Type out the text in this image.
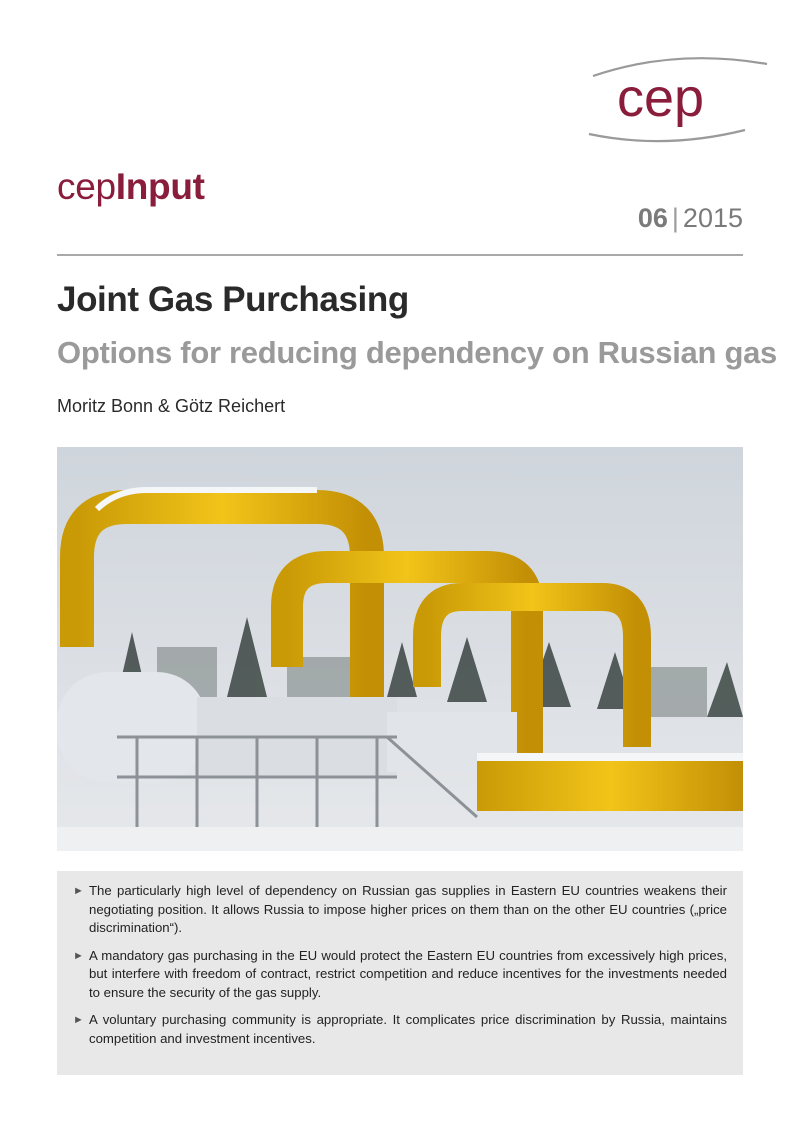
cep
cepInput
06 | 2015
Joint Gas Purchasing
Options for reducing dependency on Russian gas
Moritz Bonn & Götz Reichert
► The particularly high level of dependency on Russian gas supplies in Eastern EU countries weakens their negotiating position. It allows Russia to impose higher prices on them than on the other EU countries („price discrimination“).
► A mandatory gas purchasing in the EU would protect the Eastern EU countries from excessively high prices, but interfere with freedom of contract, restrict competition and reduce incentives for the investments needed to ensure the security of the gas supply.
► A voluntary purchasing community is appropriate. It complicates price discrimination by Russia, maintains competition and investment incentives.
